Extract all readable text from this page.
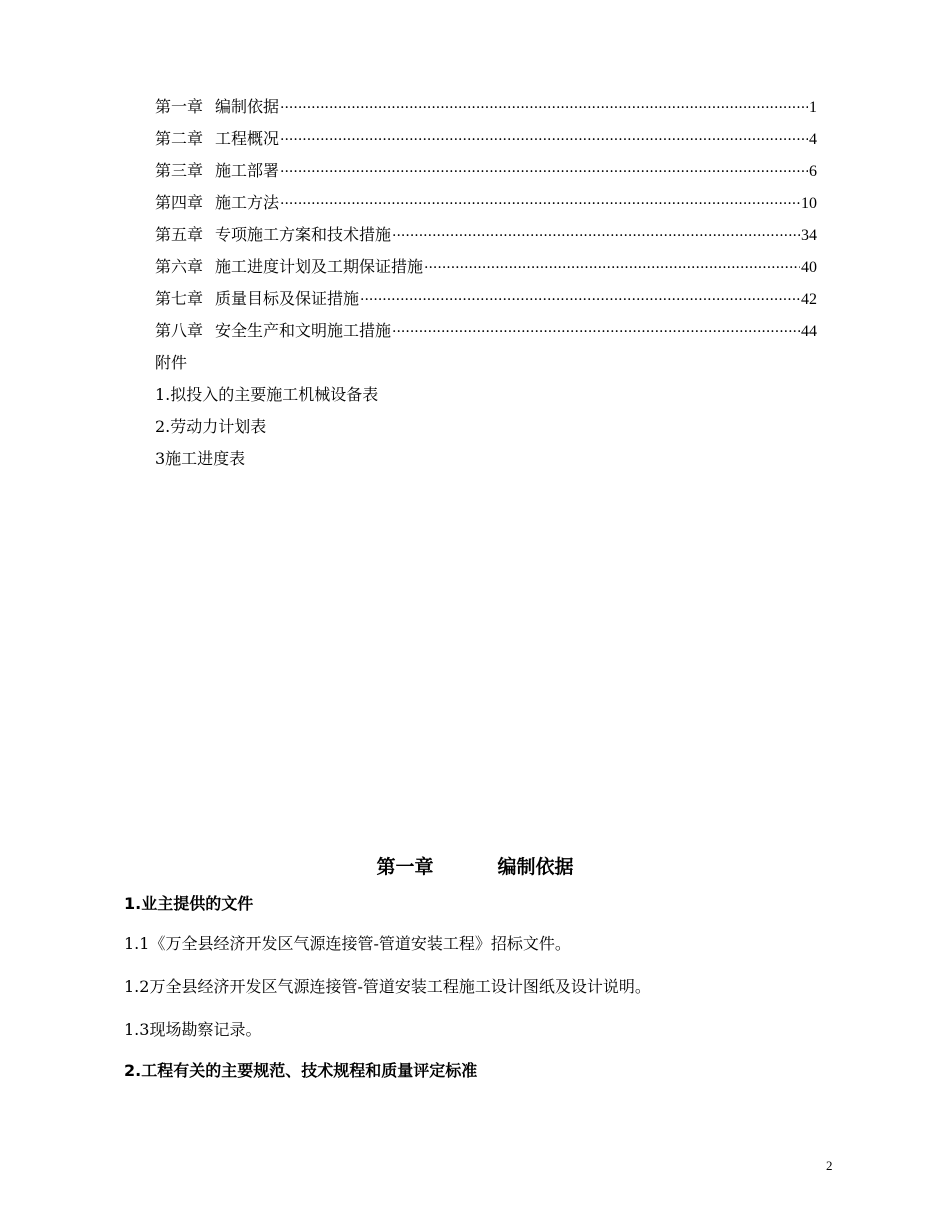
第一章 编制依据 ·····	1
第二章 工程概况 ·····	4
第三章 施工部署 ·····	6
第四章 施工方法 ·····	10
第五章 专项施工方案和技术措施 ·····	34
第六章 施工进度计划及工期保证措施 ·····	40
第七章 质量目标及保证措施 ·····	42
第八章 安全生产和文明施工措施 ·····	44
附件
1.拟投入的主要施工机械设备表
2.劳动力计划表
3施工进度表
第一章	编制依据
1.业主提供的文件
1.1《万全县经济开发区气源连接管-管道安装工程》招标文件。
1.2万全县经济开发区气源连接管-管道安装工程施工设计图纸及设计说明。
1.3现场勘察记录。
2.工程有关的主要规范、技术规程和质量评定标准
2
